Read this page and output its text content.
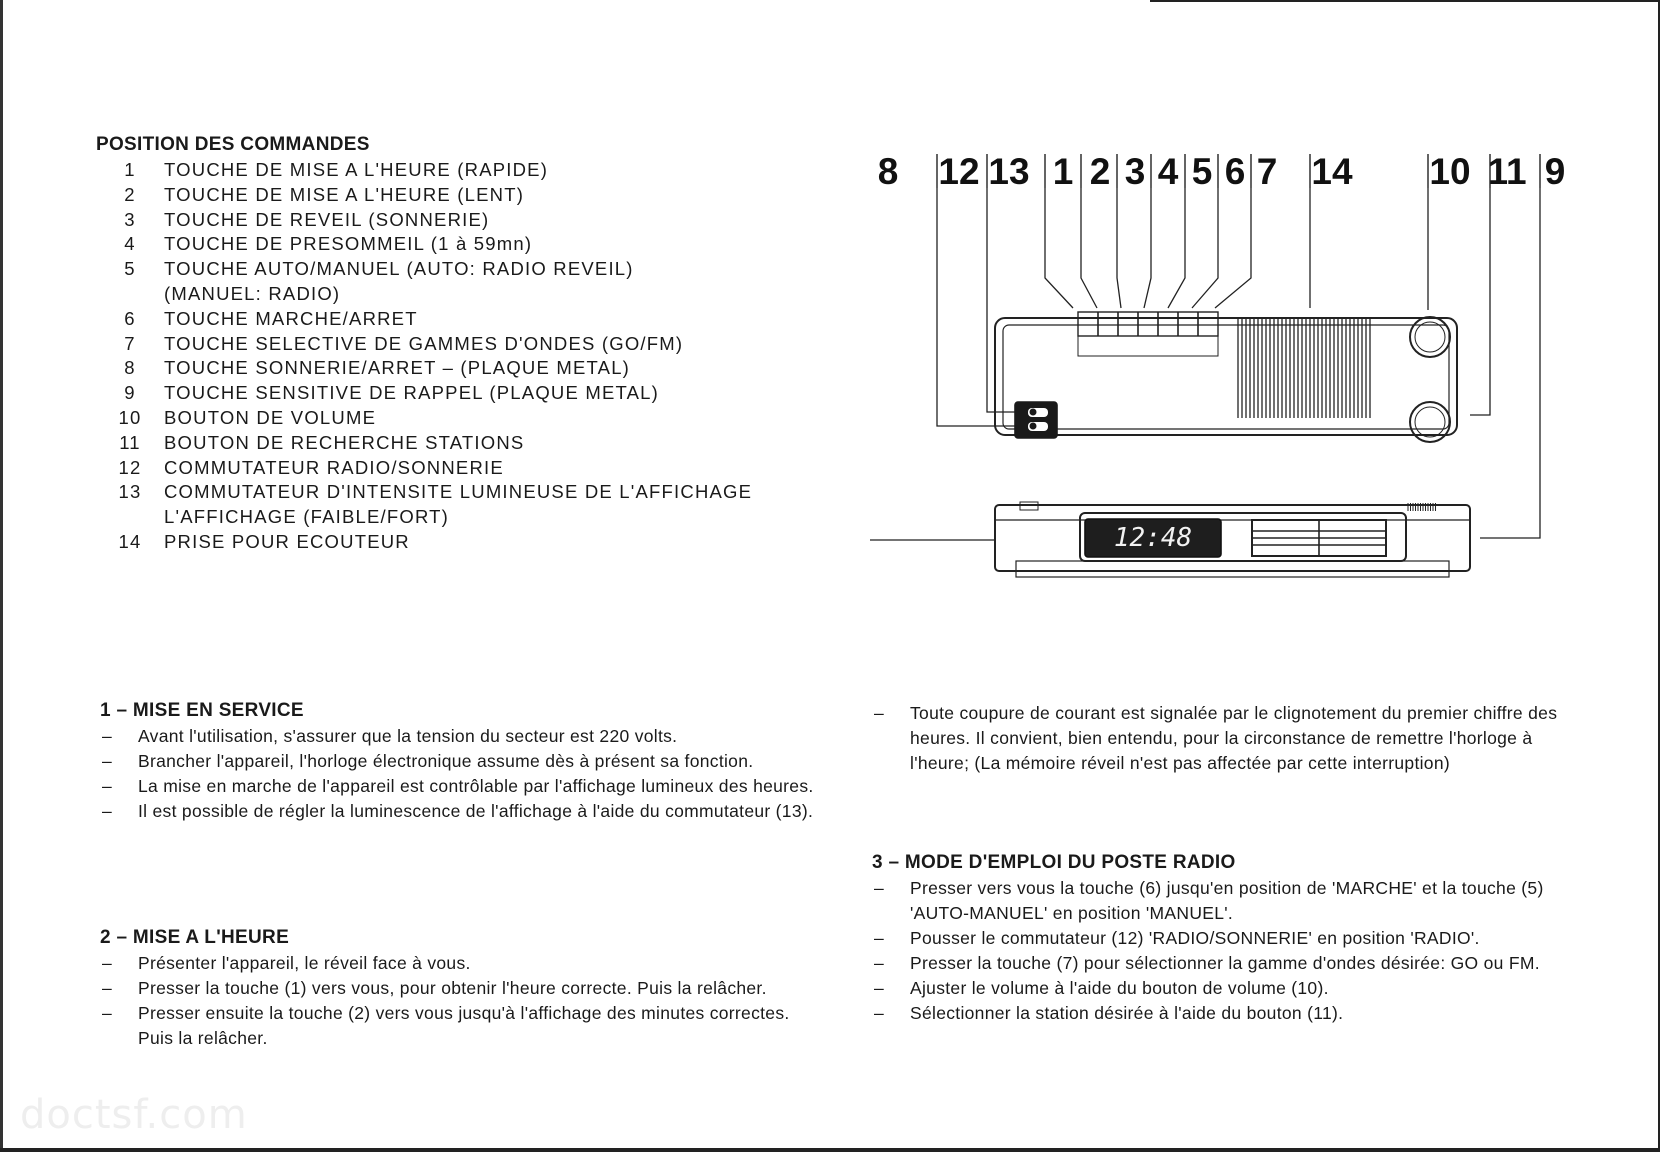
POSITION DES COMMANDES
1	TOUCHE DE MISE A L'HEURE (RAPIDE)
2	TOUCHE DE MISE A L'HEURE (LENT)
3	TOUCHE DE REVEIL (SONNERIE)
4	TOUCHE DE PRESOMMEIL (1 à 59mn)
5	TOUCHE AUTO/MANUEL (AUTO: RADIO REVEIL)
(MANUEL: RADIO)
6	TOUCHE MARCHE/ARRET
7	TOUCHE SELECTIVE DE GAMMES D'ONDES (GO/FM)
8	TOUCHE SONNERIE/ARRET – (PLAQUE METAL)
9	TOUCHE SENSITIVE DE RAPPEL (PLAQUE METAL)
10	BOUTON DE VOLUME
11	BOUTON DE RECHERCHE STATIONS
12	COMMUTATEUR RADIO/SONNERIE
13	COMMUTATEUR D'INTENSITE LUMINEUSE DE L'AFFICHAGE
L'AFFICHAGE (FAIBLE/FORT)
14	PRISE POUR ECOUTEUR
8 12 13 1 2 3 4 5 6 7 14 10 11 9
12:48
1 – MISE EN SERVICE
– Avant l'utilisation, s'assurer que la tension du secteur est 220 volts.
– Brancher l'appareil, l'horloge électronique assume dès à présent sa fonction.
– La mise en marche de l'appareil est contrôlable par l'affichage lumineux des heures.
– Il est possible de régler la luminescence de l'affichage à l'aide du commutateur (13).
2 – MISE A L'HEURE
– Présenter l'appareil, le réveil face à vous.
– Presser la touche (1) vers vous, pour obtenir l'heure correcte. Puis la relâcher.
– Presser ensuite la touche (2) vers vous jusqu'à l'affichage des minutes correctes. Puis la relâcher.
– Toute coupure de courant est signalée par le clignotement du premier chiffre des heures. Il convient, bien entendu, pour la circonstance de remettre l'horloge à l'heure; (La mémoire réveil n'est pas affectée par cette interruption)
3 – MODE D'EMPLOI DU POSTE RADIO
– Presser vers vous la touche (6) jusqu'en position de 'MARCHE' et la touche (5) 'AUTO-MANUEL' en position 'MANUEL'.
– Pousser le commutateur (12) 'RADIO/SONNERIE' en position 'RADIO'.
– Presser la touche (7) pour sélectionner la gamme d'ondes désirée: GO ou FM.
– Ajuster le volume à l'aide du bouton de volume (10).
– Sélectionner la station désirée à l'aide du bouton (11).
doctsf.com
